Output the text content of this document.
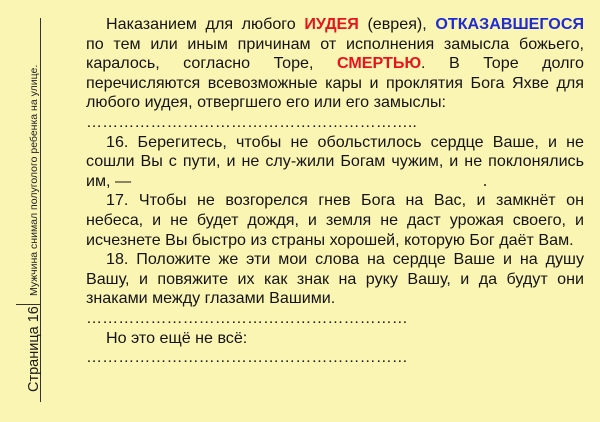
Мужчина снимал полуголого ребенка на улице.
Страница 16

Наказанием для любого ИУДЕЯ (еврея), ОТКАЗАВШЕГОСЯ по тем или иным причинам от исполнения замысла божьего, каралось, согласно Торе, СМЕРТЬЮ. В Торе долго перечисляются всевозможные кары и проклятия Бога Яхве для любого иудея, отвергшего его или его замыслы:

……………………………………………………..

16. Берегитесь, чтобы не обольстилось сердце Ваше, и не сошли Вы с пути, и не слу-жили Богам чужим, и не поклонялись им, —

17. Чтобы не возгорелся гнев Бога на Вас, и замкнёт он небеса, и не будет дождя, и земля не даст урожая своего, и исчезнете Вы быстро из страны хорошей, которую Бог даёт Вам.

18. Положите же эти мои слова на сердце Ваше и на душу Вашу, и повяжите их как знак на руку Вашу, и да будут они знаками между глазами Вашими.

……………………………………………………

Но это ещё не всё:

……………………………………………………
